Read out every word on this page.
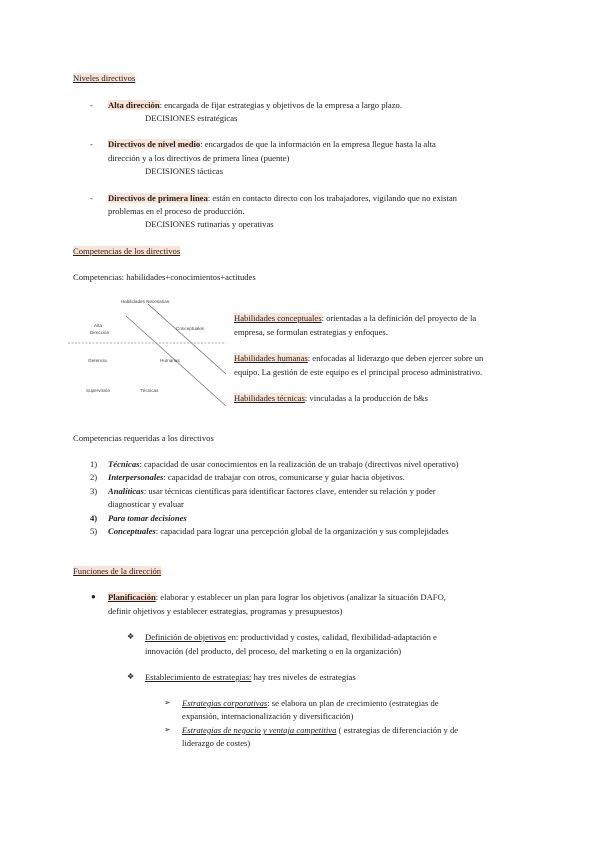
Niveles directivos
- Alta dirección: encargada de fijar estrategias y objetivos de la empresa a largo plazo.
DECISIONES estratégicas
- Directivos de nivel medio: encargados de que la información en la empresa llegue hasta la alta
dirección y a los directivos de primera línea (puente)
DECISIONES tácticas
- Directivos de primera línea: están en contacto directo con los trabajadores, vigilando que no existan
problemas en el proceso de producción.
DECISIONES rutinarias y operativas
Competencias de los directivos
Competencias: habilidades+conocimientos+actitudes
Habilidades Necesarias
Alta
Dirección
Conceptuales
Gerencia	Humanas
Supervisión	Técnicas
Habilidades conceptuales: orientadas a la definición del proyecto de la
empresa, se formulan estrategias y enfoques.
Habilidades humanas: enfocadas al liderazgo que deben ejercer sobre un
equipo. La gestión de este equipo es el principal proceso administrativo.
Habilidades técnicas: vinculadas a la producción de b&s
Competencias requeridas a los directivos
1) Técnicas: capacidad de usar conocimientos en la realización de un trabajo (directivos nivel operativo)
2) Interpersonales: capacidad de trabajar con otros, comunicarse y guiar hacia objetivos.
3) Analíticas: usar técnicas científicas para identificar factores clave, entender su relación y poder
diagnosticar y evaluar
4) Para tomar decisiones
5) Conceptuales: capacidad para lograr una percepción global de la organización y sus complejidades
Funciones de la dirección
● Planificación: elaborar y establecer un plan para lograr los objetivos (analizar la situación DAFO,
definir objetivos y establecer estrategias, programas y presupuestos)
❖ Definición de objetivos en: productividad y costes, calidad, flexibilidad-adaptación e
innovación (del producto, del proceso, del marketing o en la organización)
❖ Establecimiento de estrategias: hay tres niveles de estrategias
➢ Estrategias corporativas: se elabora un plan de crecimiento (estrategias de
expansión, internacionalización y diversificación)
➢ Estrategias de negocio y ventaja competitiva ( estrategias de diferenciación y de
liderazgo de costes)
